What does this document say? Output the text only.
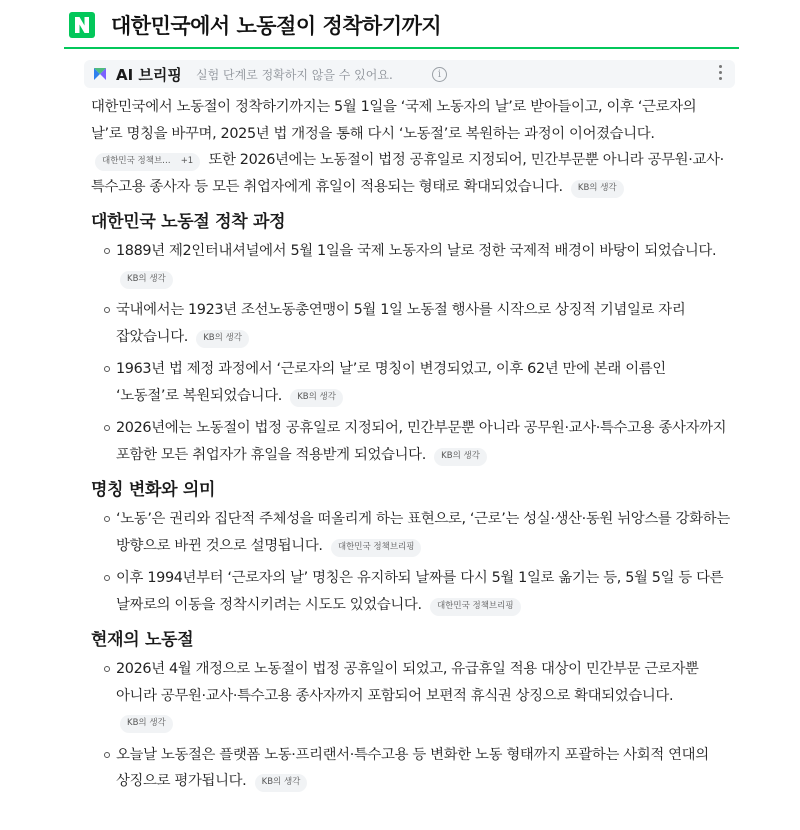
대한민국에서 노동절이 정착하기까지
AI 브리핑 실험 단계로 정확하지 않을 수 있어요.	i

대한민국에서 노동절이 정착하기까지는 5월 1일을 ‘국제 노동자의 날’로 받아들이고, 이후 ‘근로자의 날’로 명칭을 바꾸며, 2025년 법 개정을 통해 다시 ‘노동절’로 복원하는 과정이 이어졌습니다. 대한민국 정책브… +1 또한 2026년에는 노동절이 법정 공휴일로 지정되어, 민간부문뿐 아니라 공무원·교사·특수고용 종사자 등 모든 취업자에게 휴일이 적용되는 형태로 확대되었습니다. KB의 생각

대한민국 노동절 정착 과정
1889년 제2인터내셔널에서 5월 1일을 국제 노동자의 날로 정한 국제적 배경이 바탕이 되었습니다. KB의 생각
국내에서는 1923년 조선노동총연맹이 5월 1일 노동절 행사를 시작으로 상징적 기념일로 자리 잡았습니다. KB의 생각
1963년 법 제정 과정에서 ‘근로자의 날’로 명칭이 변경되었고, 이후 62년 만에 본래 이름인 ‘노동절’로 복원되었습니다. KB의 생각
2026년에는 노동절이 법정 공휴일로 지정되어, 민간부문뿐 아니라 공무원·교사·특수고용 종사자까지 포함한 모든 취업자가 휴일을 적용받게 되었습니다. KB의 생각
명칭 변화와 의미
‘노동’은 권리와 집단적 주체성을 떠올리게 하는 표현으로, ‘근로’는 성실·생산·동원 뉘앙스를 강화하는 방향으로 바뀐 것으로 설명됩니다. 대한민국 정책브리핑
이후 1994년부터 ‘근로자의 날’ 명칭은 유지하되 날짜를 다시 5월 1일로 옮기는 등, 5월 5일 등 다른 날짜로의 이동을 정착시키려는 시도도 있었습니다. 대한민국 정책브리핑
현재의 노동절
2026년 4월 개정으로 노동절이 법정 공휴일이 되었고, 유급휴일 적용 대상이 민간부문 근로자뿐 아니라 공무원·교사·특수고용 종사자까지 포함되어 보편적 휴식권 상징으로 확대되었습니다. KB의 생각
오늘날 노동절은 플랫폼 노동·프리랜서·특수고용 등 변화한 노동 형태까지 포괄하는 사회적 연대의 상징으로 평가됩니다. KB의 생각
